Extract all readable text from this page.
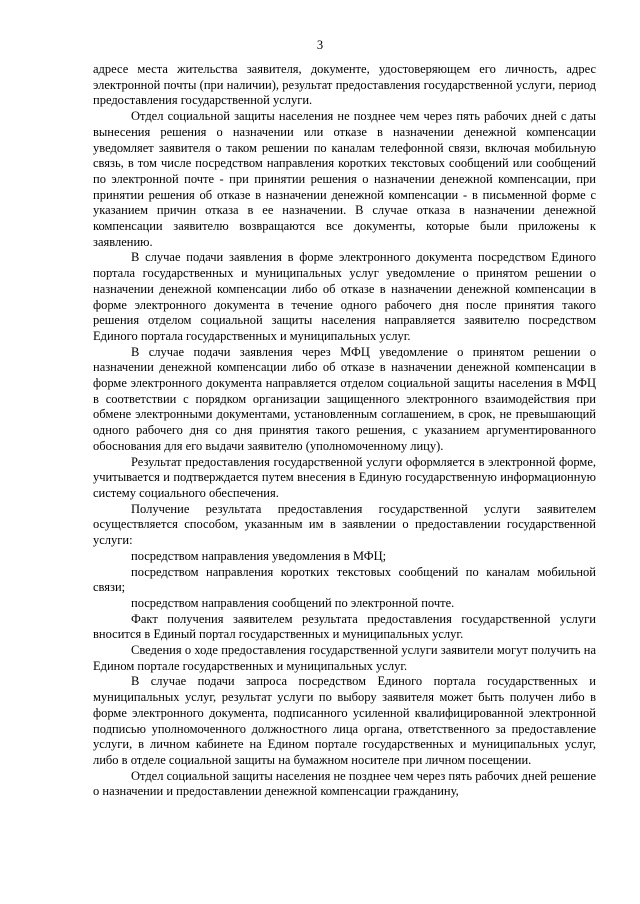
3

адресе места жительства заявителя, документе, удостоверяющем его личность, адрес электронной почты (при наличии), результат предоставления государственной услуги, период предоставления государственной услуги.

Отдел социальной защиты населения не позднее чем через пять рабочих дней с даты вынесения решения о назначении или отказе в назначении денежной компенсации уведомляет заявителя о таком решении по каналам телефонной связи, включая мобильную связь, в том числе посредством направления коротких текстовых сообщений или сообщений по электронной почте - при принятии решения о назначении денежной компенсации, при принятии решения об отказе в назначении денежной компенсации - в письменной форме с указанием причин отказа в ее назначении. В случае отказа в назначении денежной компенсации заявителю возвращаются все документы, которые были приложены к заявлению.

В случае подачи заявления в форме электронного документа посредством Единого портала государственных и муниципальных услуг уведомление о принятом решении о назначении денежной компенсации либо об отказе в назначении денежной компенсации в форме электронного документа в течение одного рабочего дня после принятия такого решения отделом социальной защиты населения направляется заявителю посредством Единого портала государственных и муниципальных услуг.

В случае подачи заявления через МФЦ уведомление о принятом решении о назначении денежной компенсации либо об отказе в назначении денежной компенсации в форме электронного документа направляется отделом социальной защиты населения в МФЦ в соответствии с порядком организации защищенного электронного взаимодействия при обмене электронными документами, установленным соглашением, в срок, не превышающий одного рабочего дня со дня принятия такого решения, с указанием аргументированного обоснования для его выдачи заявителю (уполномоченному лицу).

Результат предоставления государственной услуги оформляется в электронной форме, учитывается и подтверждается путем внесения в Единую государственную информационную систему социального обеспечения.

Получение результата предоставления государственной услуги заявителем осуществляется способом, указанным им в заявлении о предоставлении государственной услуги:

посредством направления уведомления в МФЦ;

посредством направления коротких текстовых сообщений по каналам мобильной связи;

посредством направления сообщений по электронной почте.

Факт получения заявителем результата предоставления государственной услуги вносится в Единый портал государственных и муниципальных услуг.

Сведения о ходе предоставления государственной услуги заявители могут получить на Едином портале государственных и муниципальных услуг.

В случае подачи запроса посредством Единого портала государственных и муниципальных услуг, результат услуги по выбору заявителя может быть получен либо в форме электронного документа, подписанного усиленной квалифицированной электронной подписью уполномоченного должностного лица органа, ответственного за предоставление услуги, в личном кабинете на Едином портале государственных и муниципальных услуг, либо в отделе социальной защиты на бумажном носителе при личном посещении.

Отдел социальной защиты населения не позднее чем через пять рабочих дней решение о назначении и предоставлении денежной компенсации гражданину,
